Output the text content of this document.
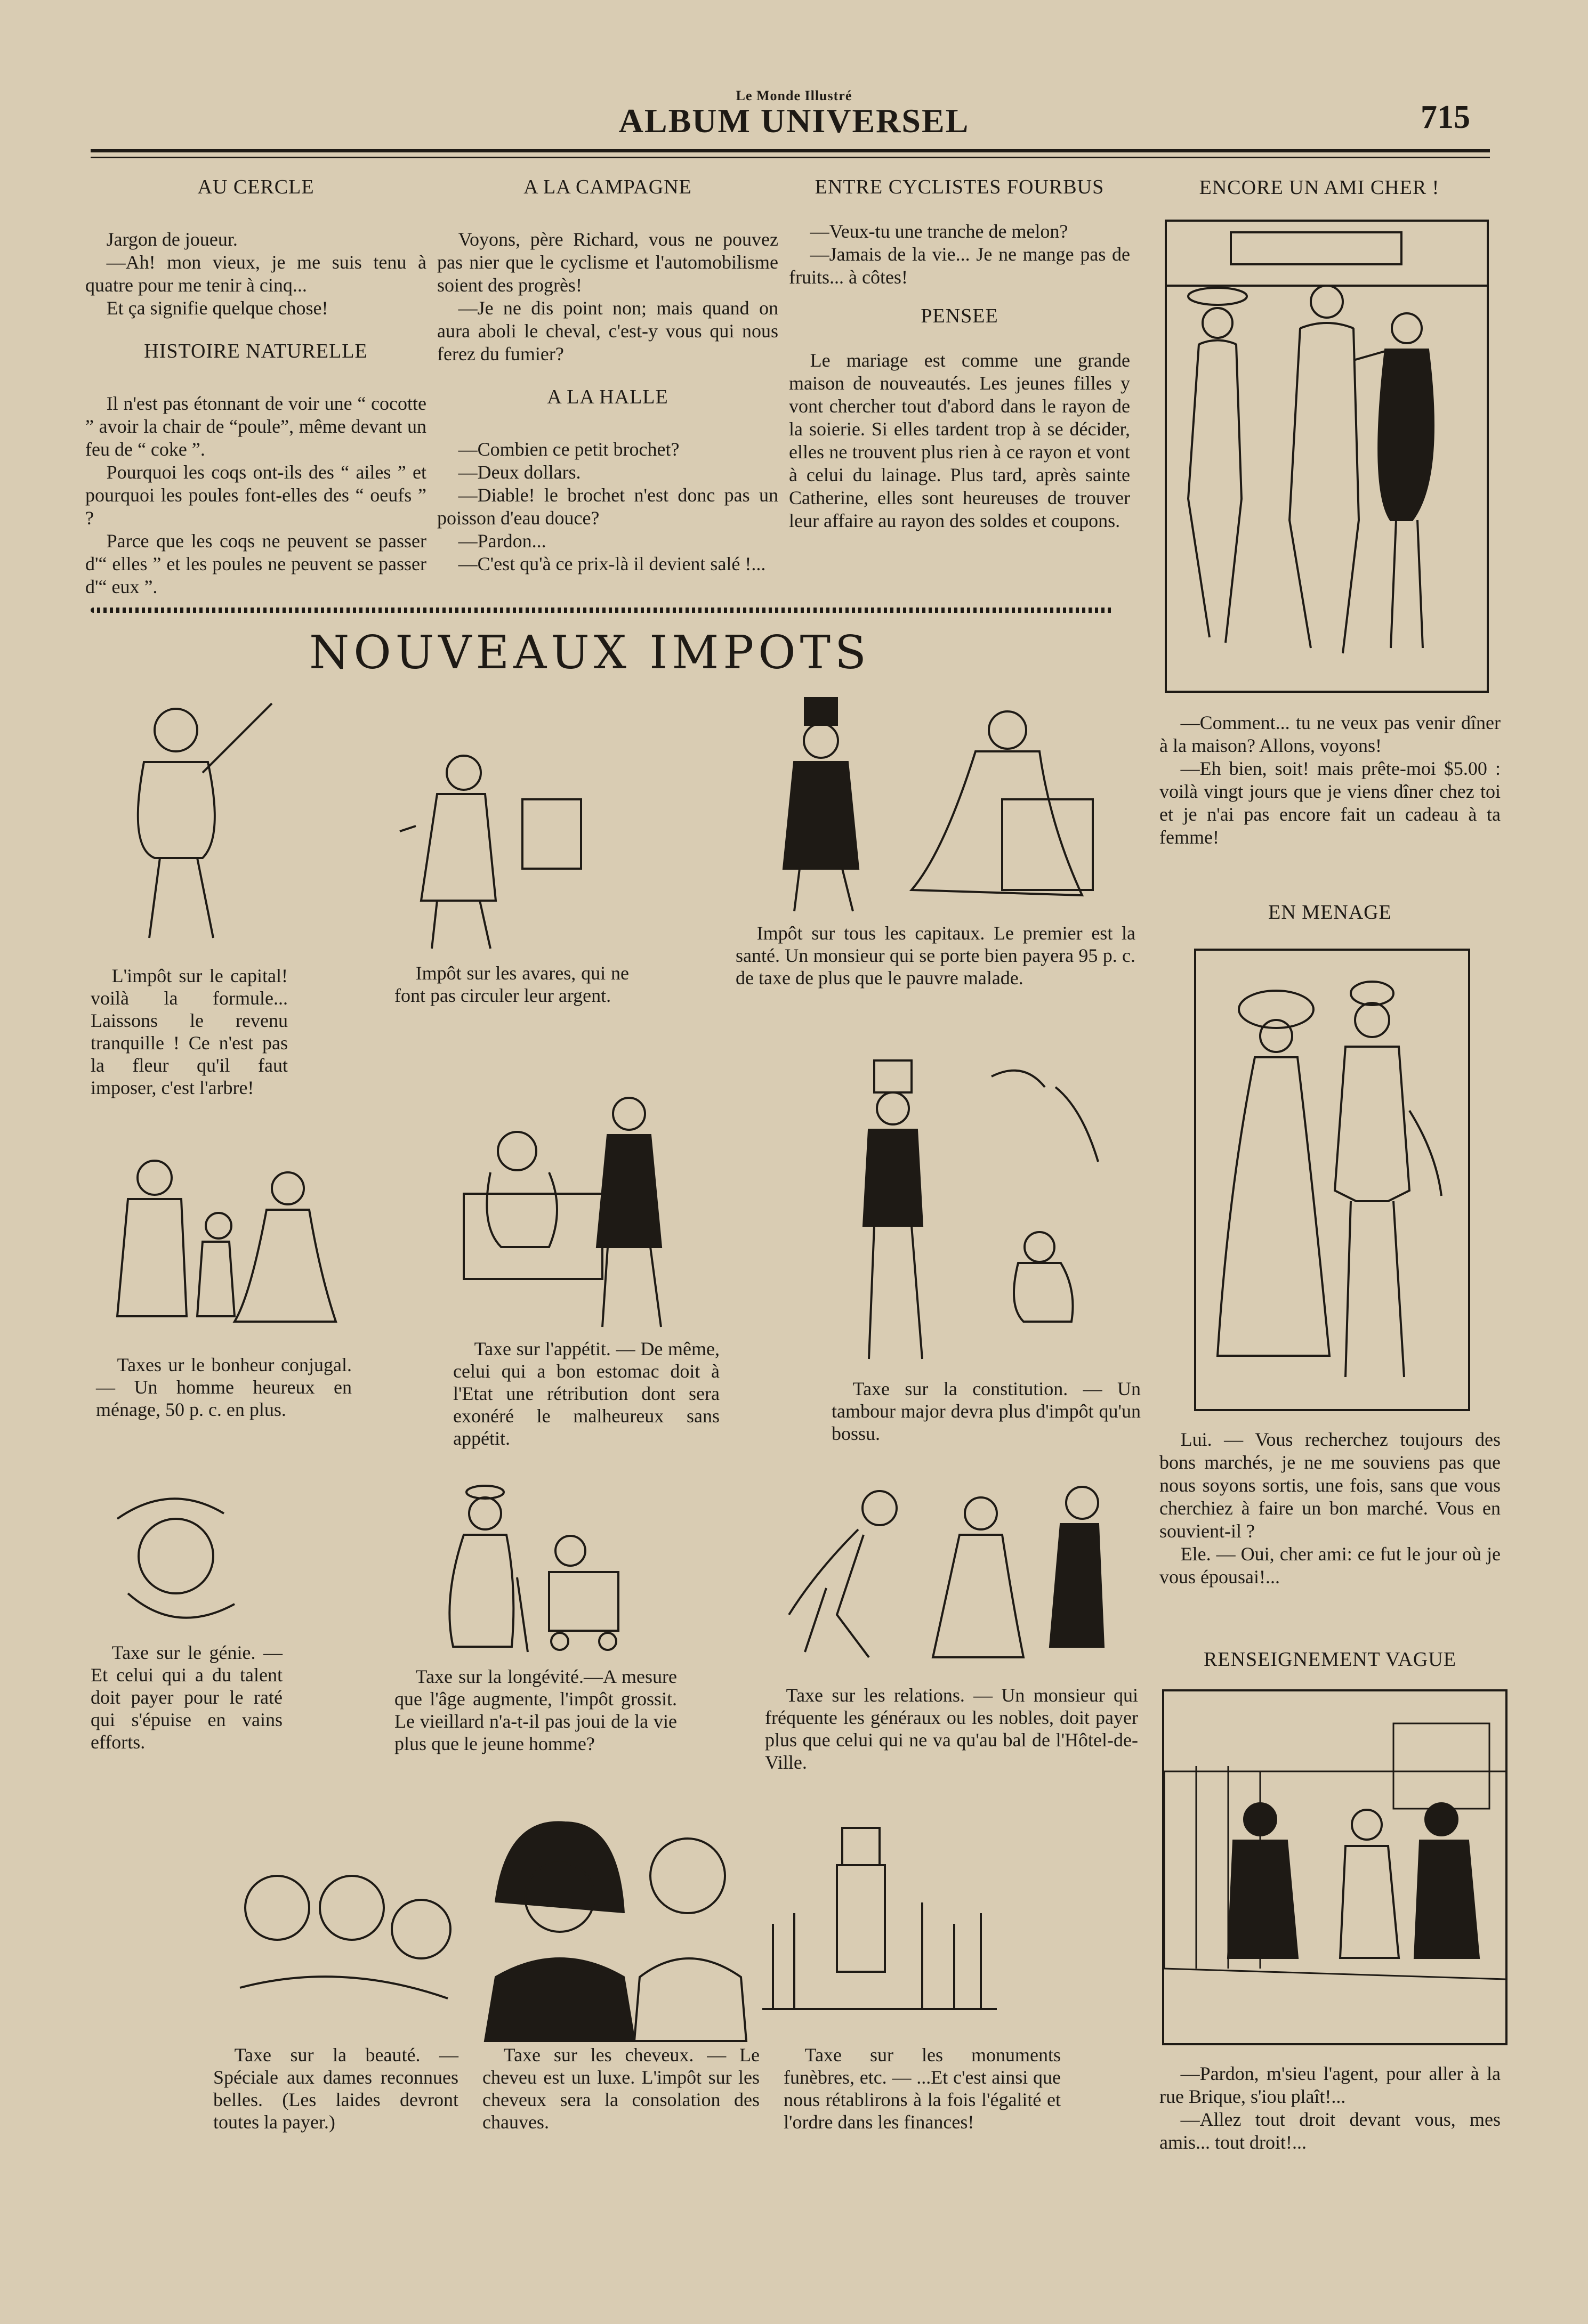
Le Monde Illustré
ALBUM UNIVERSEL	715
AU CERCLE

Jargon de joueur.

—Ah! mon vieux, je me suis tenu à quatre pour me tenir à cinq...

Et ça signifie quelque chose!

HISTOIRE NATURELLE

Il n'est pas étonnant de voir une “ cocotte ” avoir la chair de “poule”, même devant un feu de “ coke ”.

Pourquoi les coqs ont-ils des “ ailes ” et pourquoi les poules font-elles des “ oeufs ” ?

Parce que les coqs ne peuvent se passer d'“ elles ” et les poules ne peuvent se passer d'“ eux ”.

A LA CAMPAGNE

Voyons, père Richard, vous ne pouvez pas nier que le cyclisme et l'automobilisme soient des progrès!

—Je ne dis point non; mais quand on aura aboli le cheval, c'est-y vous qui nous ferez du fumier?

A LA HALLE

—Combien ce petit brochet?

—Deux dollars.

—Diable! le brochet n'est donc pas un poisson d'eau douce?

—Pardon...

—C'est qu'à ce prix-là il devient salé !...

ENTRE CYCLISTES FOURBUS

—Veux-tu une tranche de melon?

—Jamais de la vie... Je ne mange pas de fruits... à côtes!

PENSEE

Le mariage est comme une grande maison de nouveautés. Les jeunes filles y vont chercher tout d'abord dans le rayon de la soierie. Si elles tardent trop à se décider, elles ne trouvent plus rien à ce rayon et vont à celui du lainage. Plus tard, après sainte Catherine, elles sont heureuses de trouver leur affaire au rayon des soldes et coupons.

NOUVEAUX IMPOTS
ENCORE UN AMI CHER !

—Comment... tu ne veux pas venir dîner à la maison? Allons, voyons!

—Eh bien, soit! mais prête-moi $5.00 : voilà vingt jours que je viens dîner chez toi et je n'ai pas encore fait un cadeau à ta femme!

EN MENAGE

Lui. — Vous recherchez toujours des bons marchés, je ne me souviens pas que nous soyons sortis, une fois, sans que vous cherchiez à faire un bon marché. Vous en souvient-il ?

Ele. — Oui, cher ami: ce fut le jour où je vous épousai!...

RENSEIGNEMENT VAGUE

—Pardon, m'sieu l'agent, pour aller à la rue Brique, s'iou plaît!...

—Allez tout droit devant vous, mes amis... tout droit!...

L'impôt sur le capital! voilà la formule... Laissons le revenu tranquille ! Ce n'est pas la fleur qu'il faut imposer, c'est l'arbre!
Impôt sur les avares, qui ne font pas circuler leur argent.
Impôt sur tous les capitaux. Le premier est la santé. Un monsieur qui se porte bien payera 95 p. c. de taxe de plus que le pauvre malade.
Taxes ur le bonheur conjugal. — Un homme heureux en ménage, 50 p. c. en plus.
Taxe sur l'appétit. — De même, celui qui a bon estomac doit à l'Etat une rétribution dont sera exonéré le malheureux sans appétit.
Taxe sur la constitution. — Un tambour major devra plus d'impôt qu'un bossu.
Taxe sur le génie. — Et celui qui a du talent doit payer pour le raté qui s'épuise en vains efforts.
Taxe sur la longévité.—A mesure que l'âge augmente, l'impôt grossit. Le vieillard n'a-t-il pas joui de la vie plus que le jeune homme?
Taxe sur les relations. — Un monsieur qui fréquente les généraux ou les nobles, doit payer plus que celui qui ne va qu'au bal de l'Hôtel-de-Ville.
Taxe sur la beauté. — Spéciale aux dames reconnues belles. (Les laides devront toutes la payer.)
Taxe sur les cheveux. — Le cheveu est un luxe. L'impôt sur les cheveux sera la consolation des chauves.
Taxe sur les monuments funèbres, etc. — ...Et c'est ainsi que nous rétablirons à la fois l'égalité et l'ordre dans les finances!
